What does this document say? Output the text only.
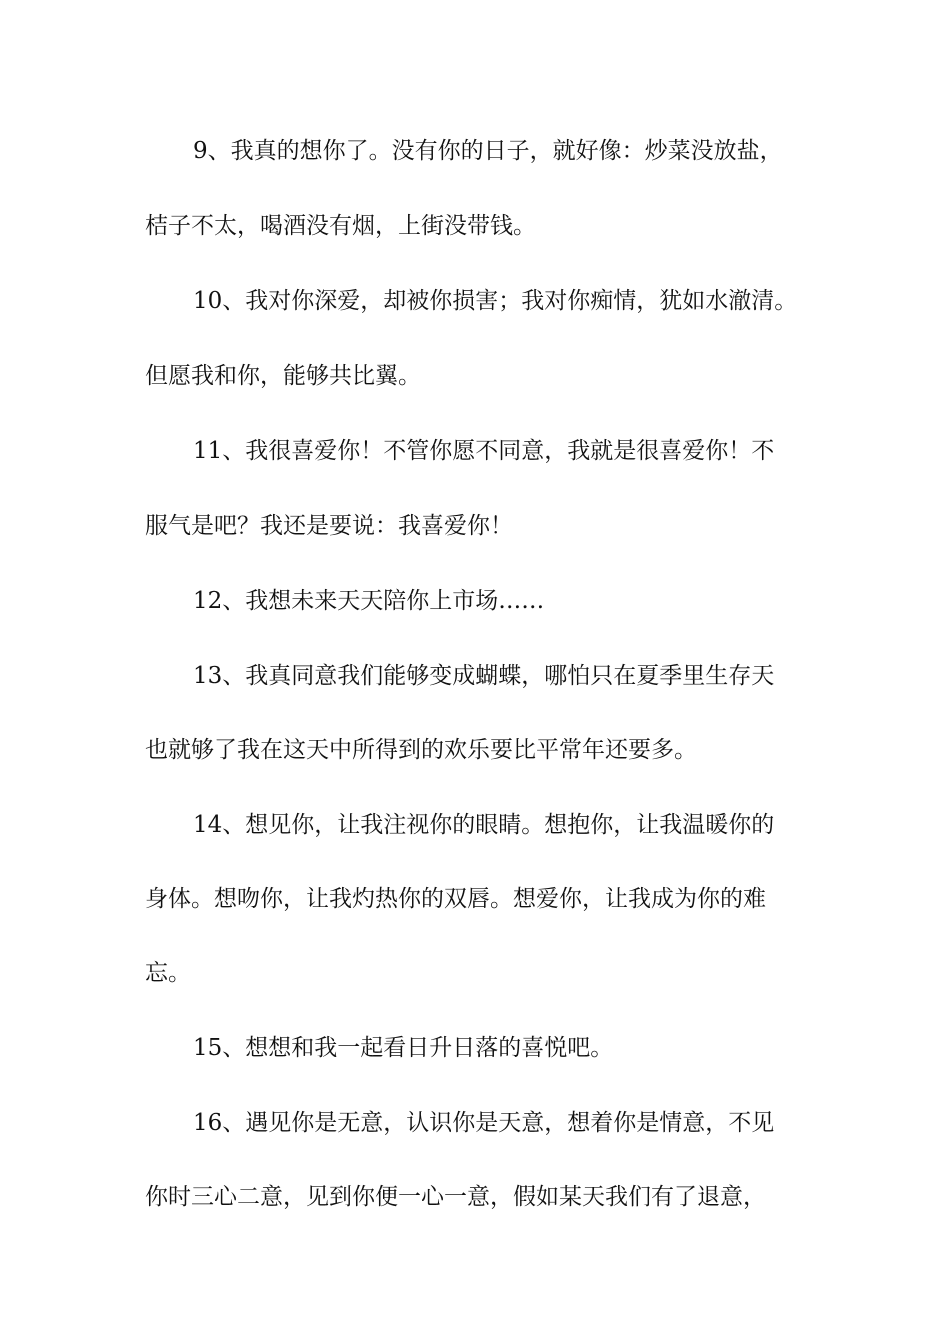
9、我真的想你了。没有你的日子，就好像：炒菜没放盐，
桔子不太，喝酒没有烟，上街没带钱。
10、我对你深爱，却被你损害；我对你痴情，犹如水澈清。
但愿我和你，能够共比翼。
11、我很喜爱你！不管你愿不同意，我就是很喜爱你！不
服气是吧？我还是要说：我喜爱你！
12、我想未来天天陪你上市场……
13、我真同意我们能够变成蝴蝶，哪怕只在夏季里生存天
也就够了我在这天中所得到的欢乐要比平常年还要多。
14、想见你，让我注视你的眼睛。想抱你，让我温暖你的
身体。想吻你，让我灼热你的双唇。想爱你，让我成为你的难
忘。
15、想想和我一起看日升日落的喜悦吧。
16、遇见你是无意，认识你是天意，想着你是情意，不见
你时三心二意，见到你便一心一意，假如某天我们有了退意，
